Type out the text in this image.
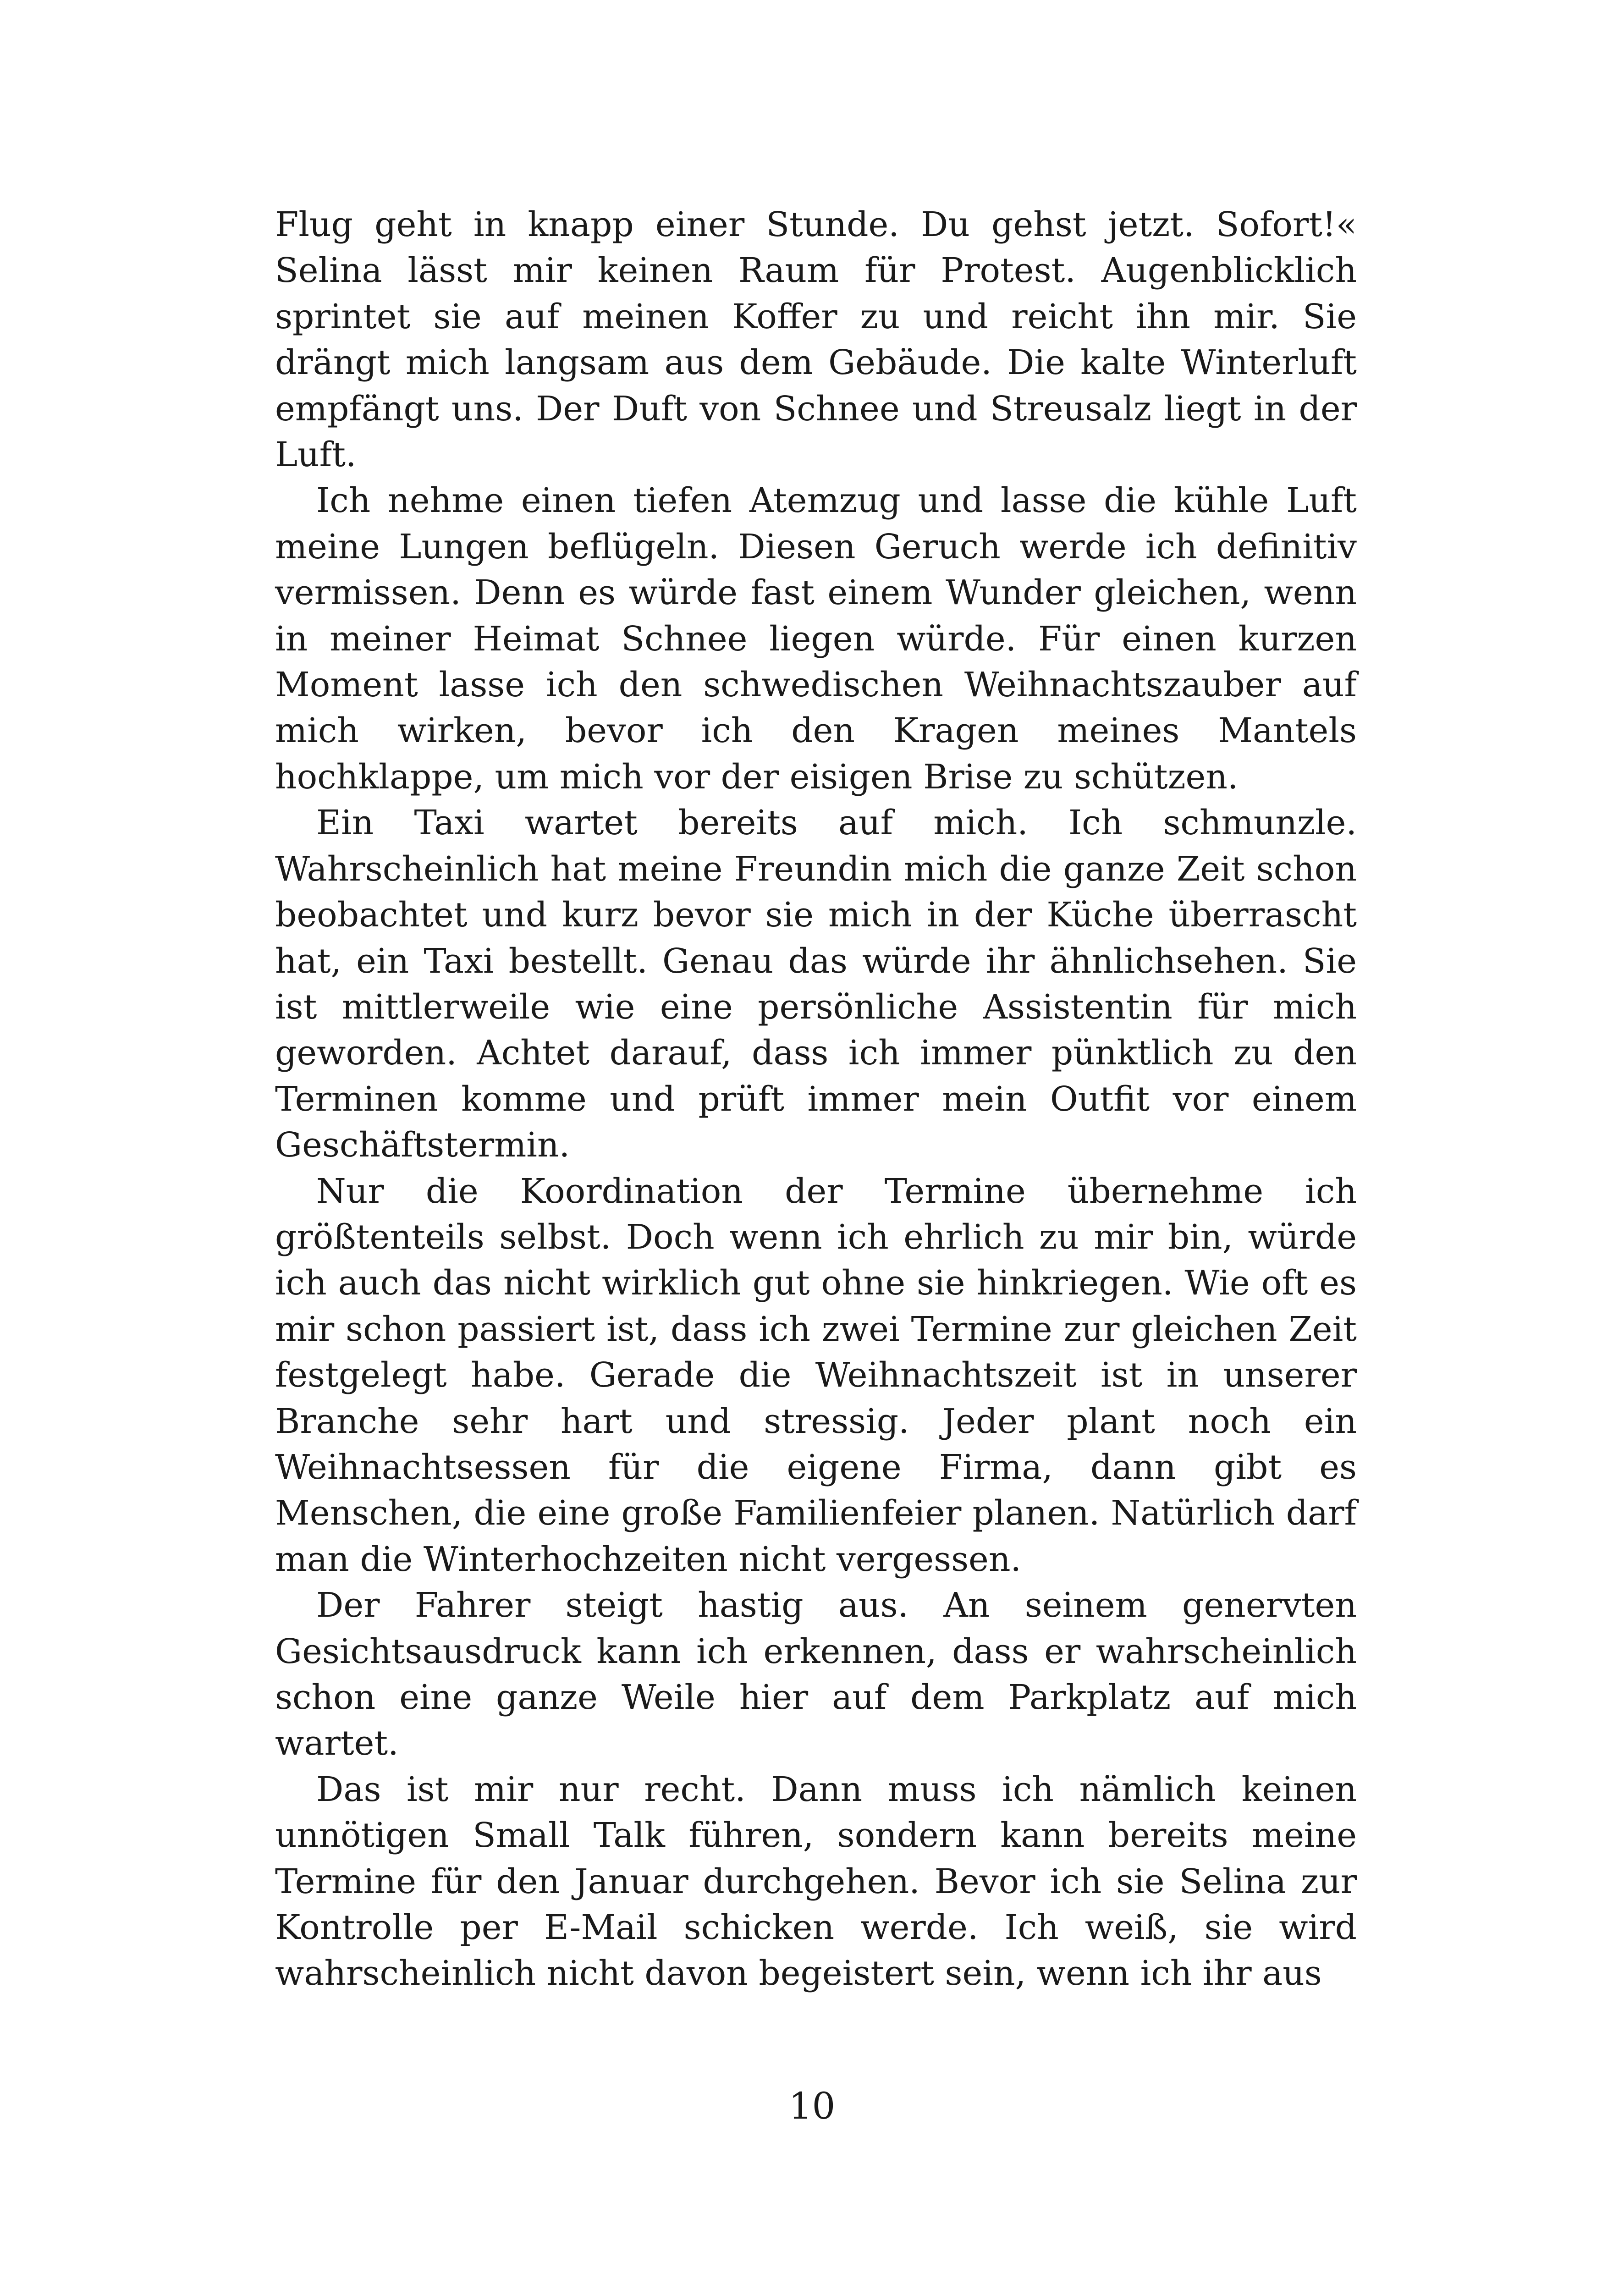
Flug geht in knapp einer Stunde. Du gehst jetzt. Sofort!« Selina lässt mir keinen Raum für Protest. Augenblicklich sprintet sie auf meinen Koffer zu und reicht ihn mir. Sie drängt mich langsam aus dem Gebäude. Die kalte Winterluft empfängt uns. Der Duft von Schnee und Streusalz liegt in der Luft.

Ich nehme einen tiefen Atemzug und lasse die kühle Luft meine Lungen beflügeln. Diesen Geruch werde ich definitiv vermissen. Denn es würde fast einem Wunder gleichen, wenn in meiner Heimat Schnee liegen würde. Für einen kurzen Moment lasse ich den schwedischen Weihnachtszauber auf mich wirken, bevor ich den Kragen meines Mantels hochklappe, um mich vor der eisigen Brise zu schützen.

Ein Taxi wartet bereits auf mich. Ich schmunzle. Wahrscheinlich hat meine Freundin mich die ganze Zeit schon beobachtet und kurz bevor sie mich in der Küche überrascht hat, ein Taxi bestellt. Genau das würde ihr ähnlichsehen. Sie ist mittlerweile wie eine persönliche Assistentin für mich geworden. Achtet darauf, dass ich immer pünktlich zu den Terminen komme und prüft immer mein Outfit vor einem Geschäftstermin.

Nur die Koordination der Termine übernehme ich größtenteils selbst. Doch wenn ich ehrlich zu mir bin, würde ich auch das nicht wirklich gut ohne sie hinkriegen. Wie oft es mir schon passiert ist, dass ich zwei Termine zur gleichen Zeit festgelegt habe. Gerade die Weihnachtszeit ist in unserer Branche sehr hart und stressig. Jeder plant noch ein Weihnachtsessen für die eigene Firma, dann gibt es Menschen, die eine große Familienfeier planen. Natürlich darf man die Winterhochzeiten nicht vergessen.

Der Fahrer steigt hastig aus. An seinem genervten Gesichtsausdruck kann ich erkennen, dass er wahrscheinlich schon eine ganze Weile hier auf dem Parkplatz auf mich wartet.

Das ist mir nur recht. Dann muss ich nämlich keinen unnötigen Small Talk führen, sondern kann bereits meine Termine für den Januar durchgehen. Bevor ich sie Selina zur Kontrolle per E-Mail schicken werde. Ich weiß, sie wird wahrscheinlich nicht davon begeistert sein, wenn ich ihr aus

10
